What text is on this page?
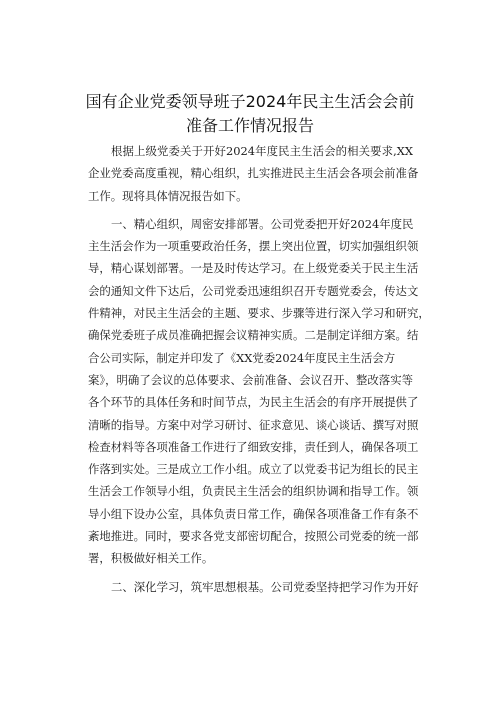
国有企业党委领导班子2024年民主生活会会前
准备工作情况报告
根据上级党委关于开好2024年度民主生活会的相关要求,XX
企业党委高度重视，精心组织，扎实推进民主生活会各项会前准备
工作。现将具体情况报告如下。
一、精心组织，周密安排部署。公司党委把开好2024年度民
主生活会作为一项重要政治任务，摆上突出位置，切实加强组织领
导，精心谋划部署。一是及时传达学习。在上级党委关于民主生活
会的通知文件下达后，公司党委迅速组织召开专题党委会，传达文
件精神，对民主生活会的主题、要求、步骤等进行深入学习和研究，
确保党委班子成员准确把握会议精神实质。二是制定详细方案。结
合公司实际，制定并印发了《XX党委2024年度民主生活会方
案》，明确了会议的总体要求、会前准备、会议召开、整改落实等
各个环节的具体任务和时间节点，为民主生活会的有序开展提供了
清晰的指导。方案中对学习研讨、征求意见、谈心谈话、撰写对照
检查材料等各项准备工作进行了细致安排，责任到人，确保各项工
作落到实处。三是成立工作小组。成立了以党委书记为组长的民主
生活会工作领导小组，负责民主生活会的组织协调和指导工作。领
导小组下设办公室，具体负责日常工作，确保各项准备工作有条不
紊地推进。同时，要求各党支部密切配合，按照公司党委的统一部
署，积极做好相关工作。
二、深化学习，筑牢思想根基。公司党委坚持把学习作为开好
